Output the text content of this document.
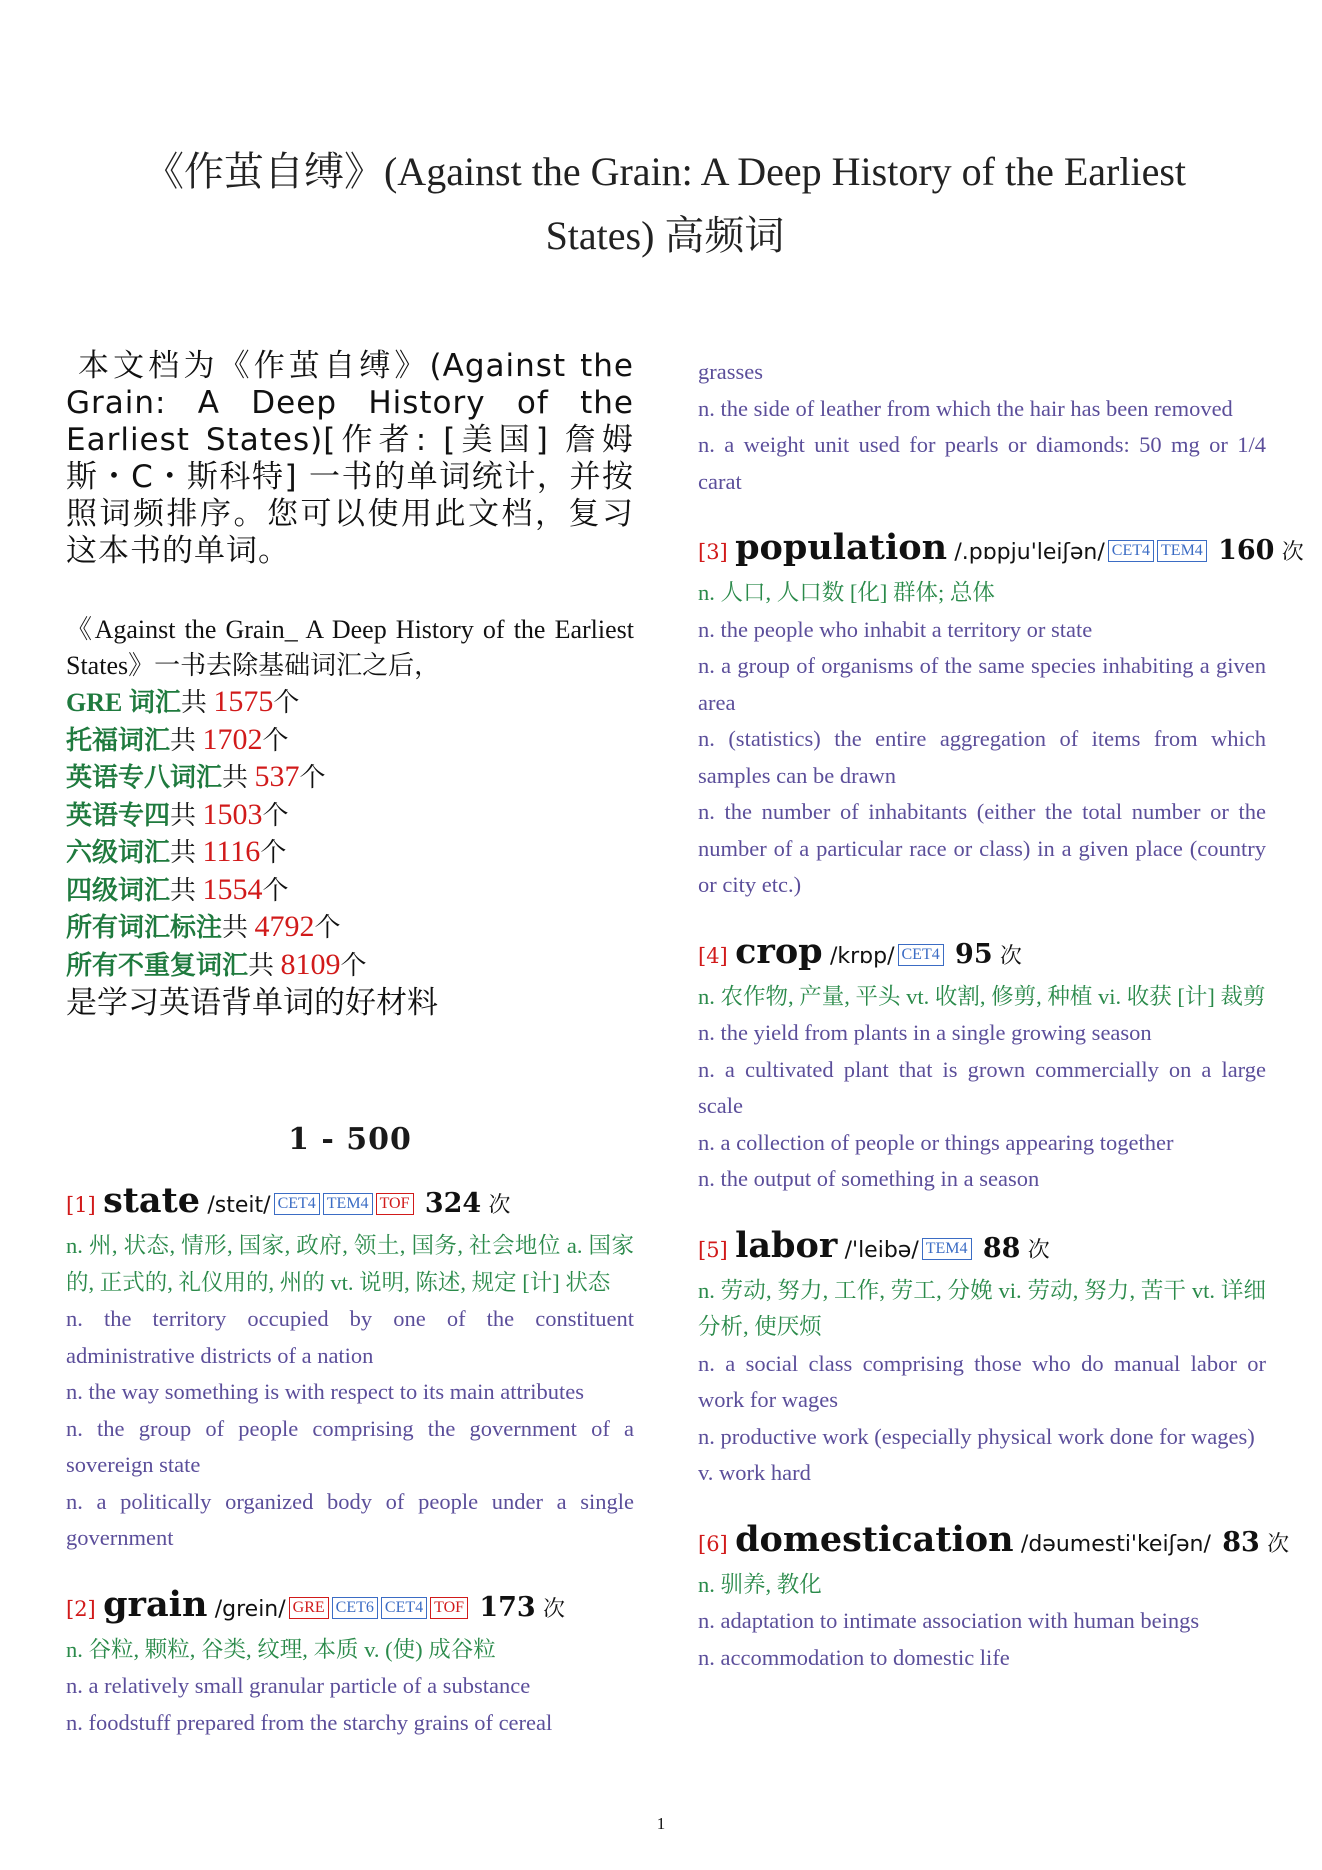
《作茧自缚》(Against the Grain: A Deep History of the Earliest
States) 高频词

本文档为《作茧自缚》(Against the Grain: A Deep History of the Earliest States)[作者: [美国] 詹姆斯・C・斯科特] 一书的单词统计，并按照词频排序。您可以使用此文档，复习这本书的单词。

《Against the Grain_ A Deep History of the Earliest States》一书去除基础词汇之后，

GRE 词汇共 1575个

托福词汇共 1702个

英语专八词汇共 537个

英语专四共 1503个

六级词汇共 1116个

四级词汇共 1554个

所有词汇标注共 4792个

所有不重复词汇共 8109个

是学习英语背单词的好材料

1 - 500
[1] state /steit/ CET4 TEM4 TOF 324 次

n. 州, 状态, 情形, 国家, 政府, 领土, 国务, 社会地位 a. 国家的, 正式的, 礼仪用的, 州的 vt. 说明, 陈述, 规定 [计] 状态

n. the territory occupied by one of the constituent administrative districts of a nation

n. the way something is with respect to its main attributes

n. the group of people comprising the government of a sovereign state

n. a politically organized body of people under a single government

[2] grain /grein/ GRE CET6 CET4 TOF 173 次

n. 谷粒, 颗粒, 谷类, 纹理, 本质 v. (使) 成谷粒

n. a relatively small granular particle of a substance

n. foodstuff prepared from the starchy grains of cereal

grasses

n. the side of leather from which the hair has been removed

n. a weight unit used for pearls or diamonds: 50 mg or 1/4 carat

[3] population /.pɒpju'leiʃən/ CET4 TEM4 160 次

n. 人口, 人口数 [化] 群体; 总体

n. the people who inhabit a territory or state

n. a group of organisms of the same species inhabiting a given area

n. (statistics) the entire aggregation of items from which samples can be drawn

n. the number of inhabitants (either the total number or the number of a particular race or class) in a given place (country or city etc.)

[4] crop /krɒp/ CET4 95 次

n. 农作物, 产量, 平头 vt. 收割, 修剪, 种植 vi. 收获 [计] 裁剪

n. the yield from plants in a single growing season

n. a cultivated plant that is grown commercially on a large scale

n. a collection of people or things appearing together

n. the output of something in a season

[5] labor /'leibə/ TEM4 88 次

n. 劳动, 努力, 工作, 劳工, 分娩 vi. 劳动, 努力, 苦干 vt. 详细分析, 使厌烦

n. a social class comprising those who do manual labor or work for wages

n. productive work (especially physical work done for wages)

v. work hard

[6] domestication /dəumesti'keiʃən/ 83 次

n. 驯养, 教化

n. adaptation to intimate association with human beings

n. accommodation to domestic life

1
